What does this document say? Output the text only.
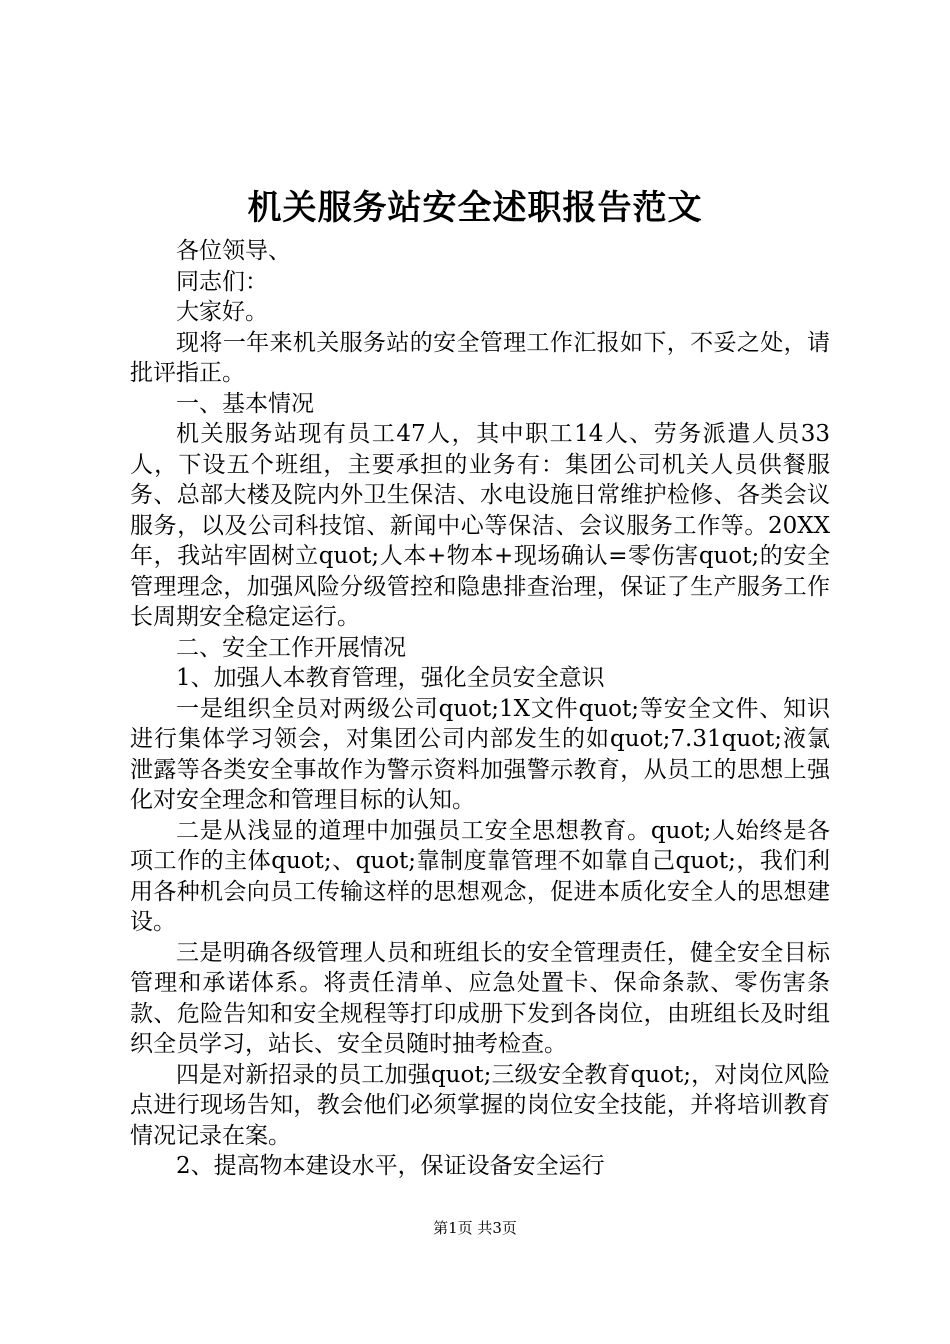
机关服务站安全述职报告范文

各位领导、

同志们：

大家好。

现将一年来机关服务站的安全管理工作汇报如下，不妥之处，请批评指正。

一、基本情况

机关服务站现有员工47人，其中职工14人、劳务派遣人员33人，下设五个班组，主要承担的业务有：集团公司机关人员供餐服务、总部大楼及院内外卫生保洁、水电设施日常维护检修、各类会议服务，以及公司科技馆、新闻中心等保洁、会议服务工作等。20XX年，我站牢固树立quot;人本+物本+现场确认=零伤害quot;的安全管理理念，加强风险分级管控和隐患排查治理，保证了生产服务工作长周期安全稳定运行。

二、安全工作开展情况

1、加强人本教育管理，强化全员安全意识

一是组织全员对两级公司quot;1X文件quot;等安全文件、知识进行集体学习领会，对集团公司内部发生的如quot;7.31quot;液氯泄露等各类安全事故作为警示资料加强警示教育，从员工的思想上强化对安全理念和管理目标的认知。

二是从浅显的道理中加强员工安全思想教育。quot;人始终是各项工作的主体quot;、quot;靠制度靠管理不如靠自己quot;，我们利用各种机会向员工传输这样的思想观念，促进本质化安全人的思想建设。

三是明确各级管理人员和班组长的安全管理责任，健全安全目标管理和承诺体系。将责任清单、应急处置卡、保命条款、零伤害条款、危险告知和安全规程等打印成册下发到各岗位，由班组长及时组织全员学习，站长、安全员随时抽考检查。

四是对新招录的员工加强quot;三级安全教育quot;，对岗位风险点进行现场告知，教会他们必须掌握的岗位安全技能，并将培训教育情况记录在案。

2、提高物本建设水平，保证设备安全运行

第1页 共3页
